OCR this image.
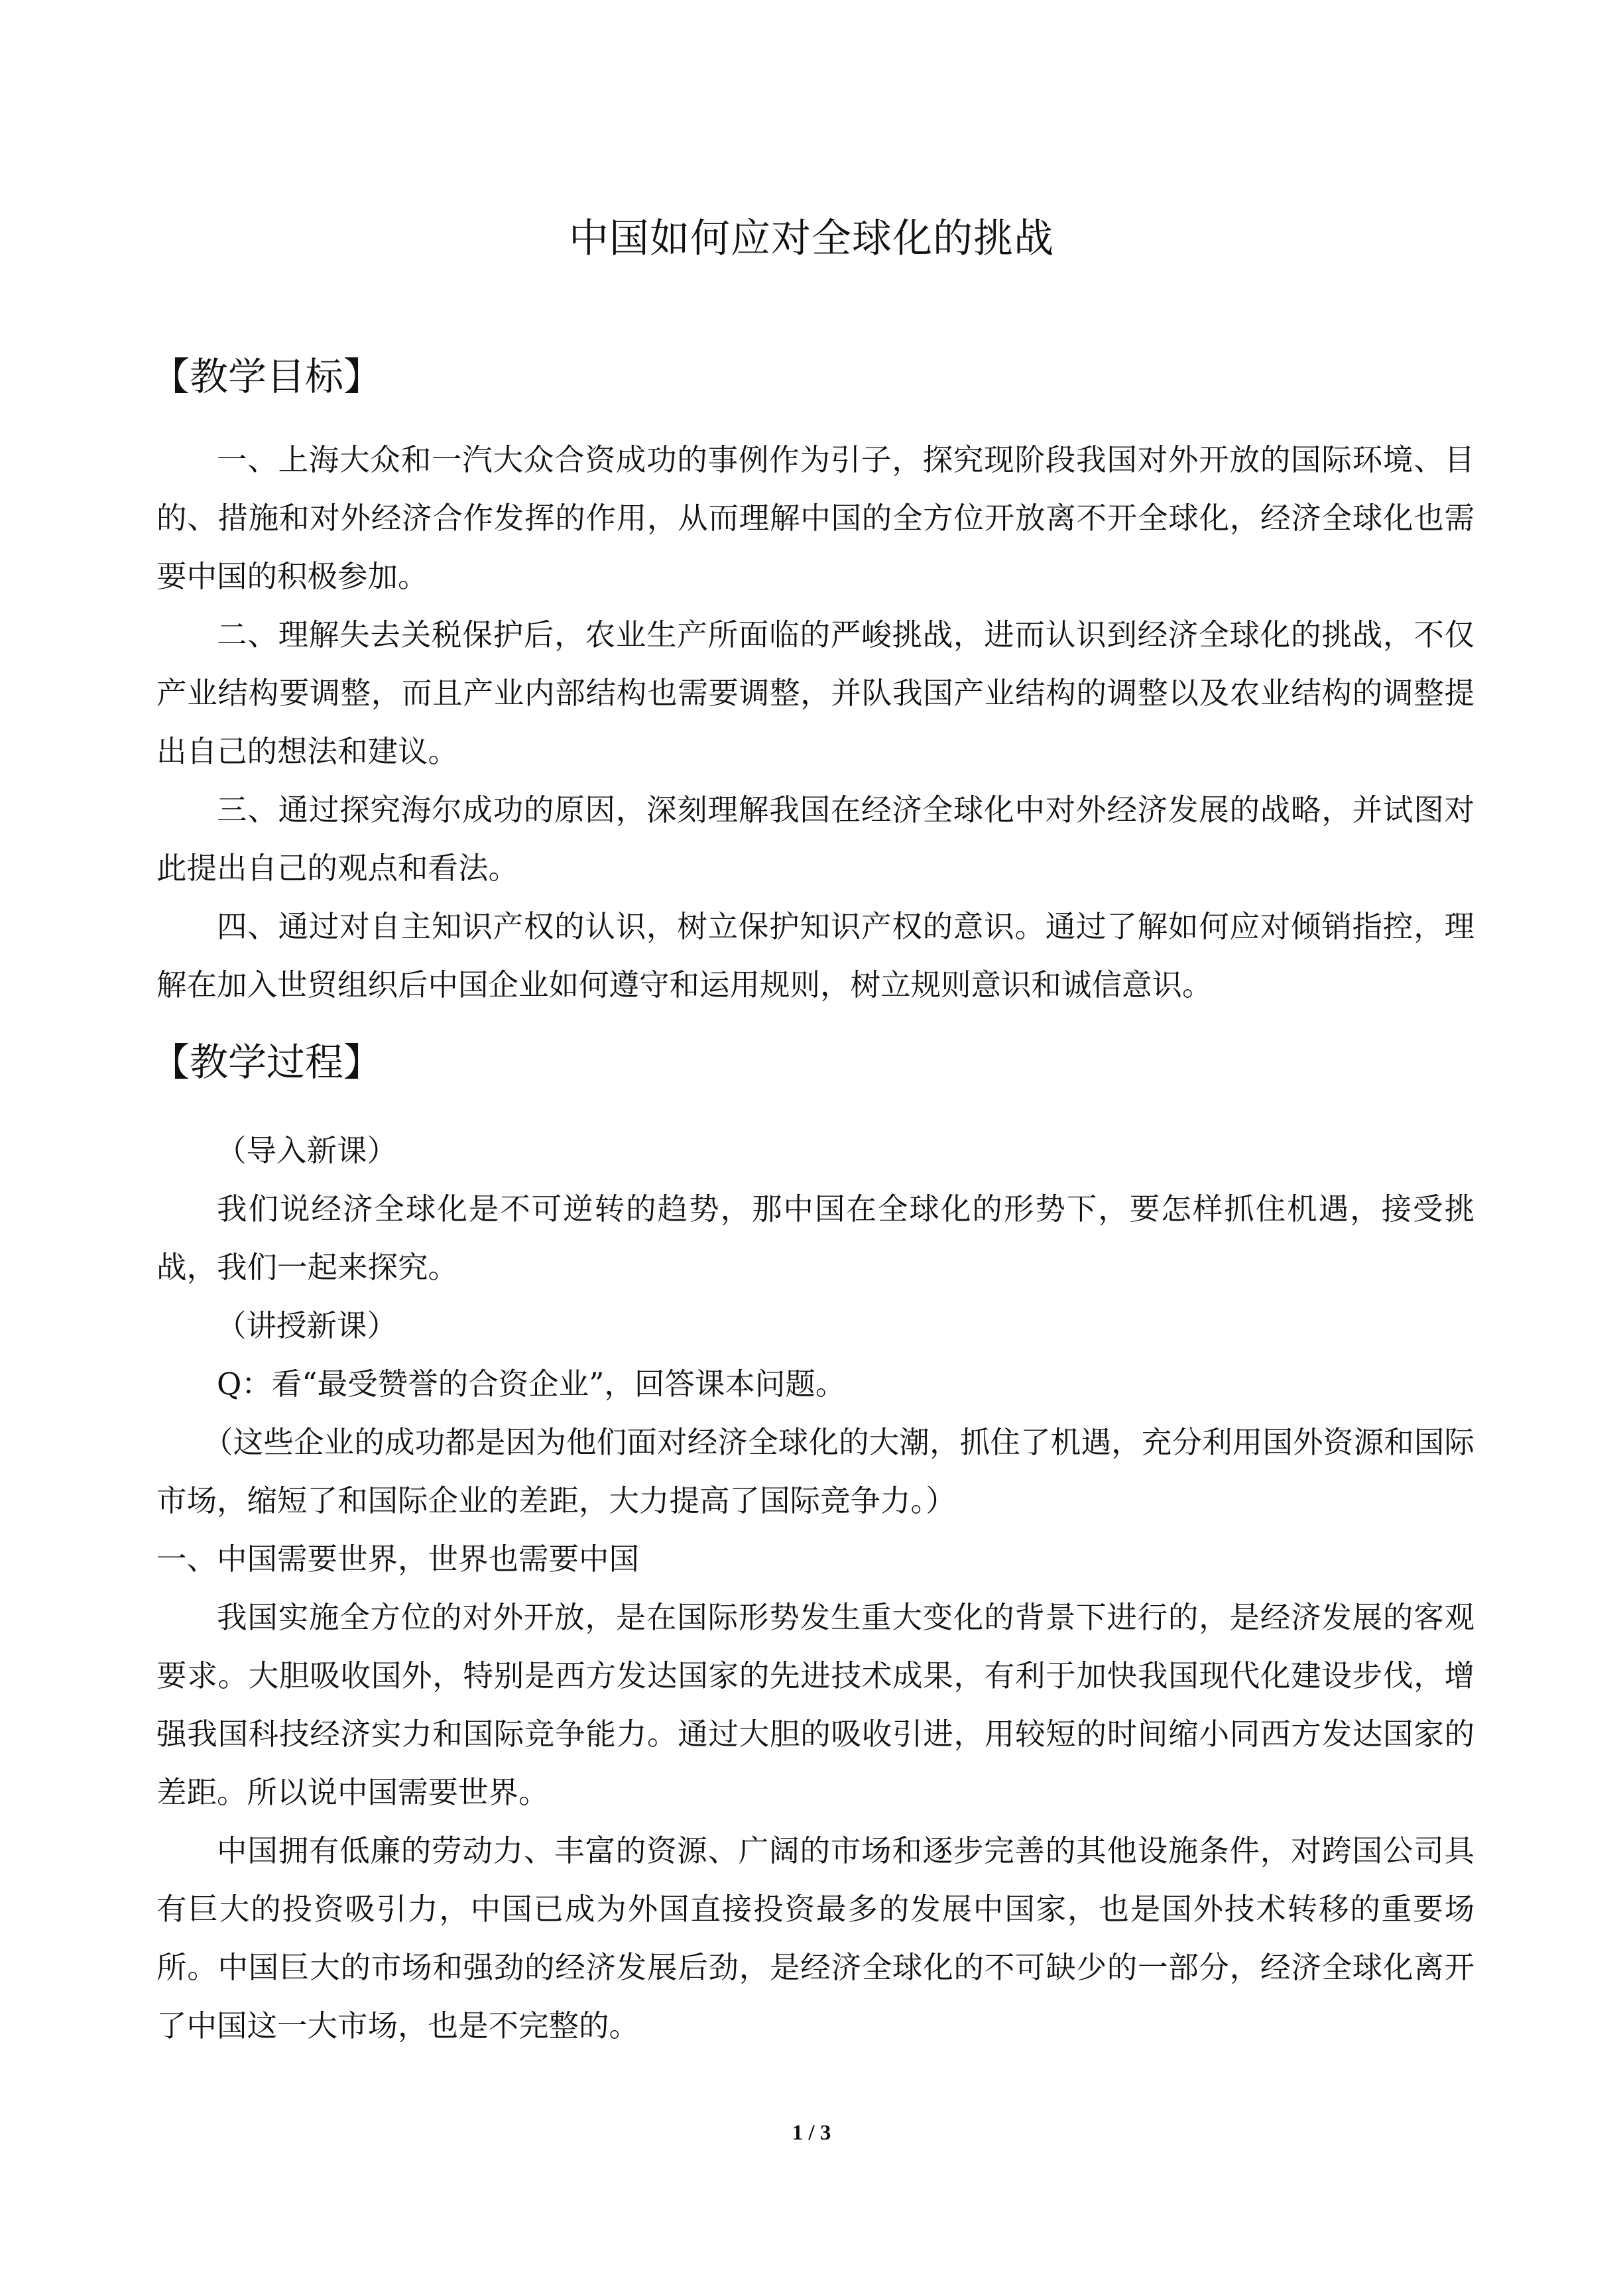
中国如何应对全球化的挑战
【教学目标】

一、上海大众和一汽大众合资成功的事例作为引子，探究现阶段我国对外开放的国际环境、目的、措施和对外经济合作发挥的作用，从而理解中国的全方位开放离不开全球化，经济全球化也需要中国的积极参加。

二、理解失去关税保护后，农业生产所面临的严峻挑战，进而认识到经济全球化的挑战，不仅产业结构要调整，而且产业内部结构也需要调整，并队我国产业结构的调整以及农业结构的调整提出自己的想法和建议。

三、通过探究海尔成功的原因，深刻理解我国在经济全球化中对外经济发展的战略，并试图对此提出自己的观点和看法。

四、通过对自主知识产权的认识，树立保护知识产权的意识。通过了解如何应对倾销指控，理解在加入世贸组织后中国企业如何遵守和运用规则，树立规则意识和诚信意识。

【教学过程】
（导入新课）

我们说经济全球化是不可逆转的趋势，那中国在全球化的形势下，要怎样抓住机遇，接受挑战，我们一起来探究。

（讲授新课）
Q：看“最受赞誉的合资企业”，回答课本问题。

（这些企业的成功都是因为他们面对经济全球化的大潮，抓住了机遇，充分利用国外资源和国际市场，缩短了和国际企业的差距，大力提高了国际竞争力。）

一、中国需要世界，世界也需要中国

我国实施全方位的对外开放，是在国际形势发生重大变化的背景下进行的，是经济发展的客观要求。大胆吸收国外，特别是西方发达国家的先进技术成果，有利于加快我国现代化建设步伐，增强我国科技经济实力和国际竞争能力。通过大胆的吸收引进，用较短的时间缩小同西方发达国家的差距。所以说中国需要世界。

中国拥有低廉的劳动力、丰富的资源、广阔的市场和逐步完善的其他设施条件，对跨国公司具有巨大的投资吸引力，中国已成为外国直接投资最多的发展中国家，也是国外技术转移的重要场所。中国巨大的市场和强劲的经济发展后劲，是经济全球化的不可缺少的一部分，经济全球化离开了中国这一大市场，也是不完整的。

1 / 3
